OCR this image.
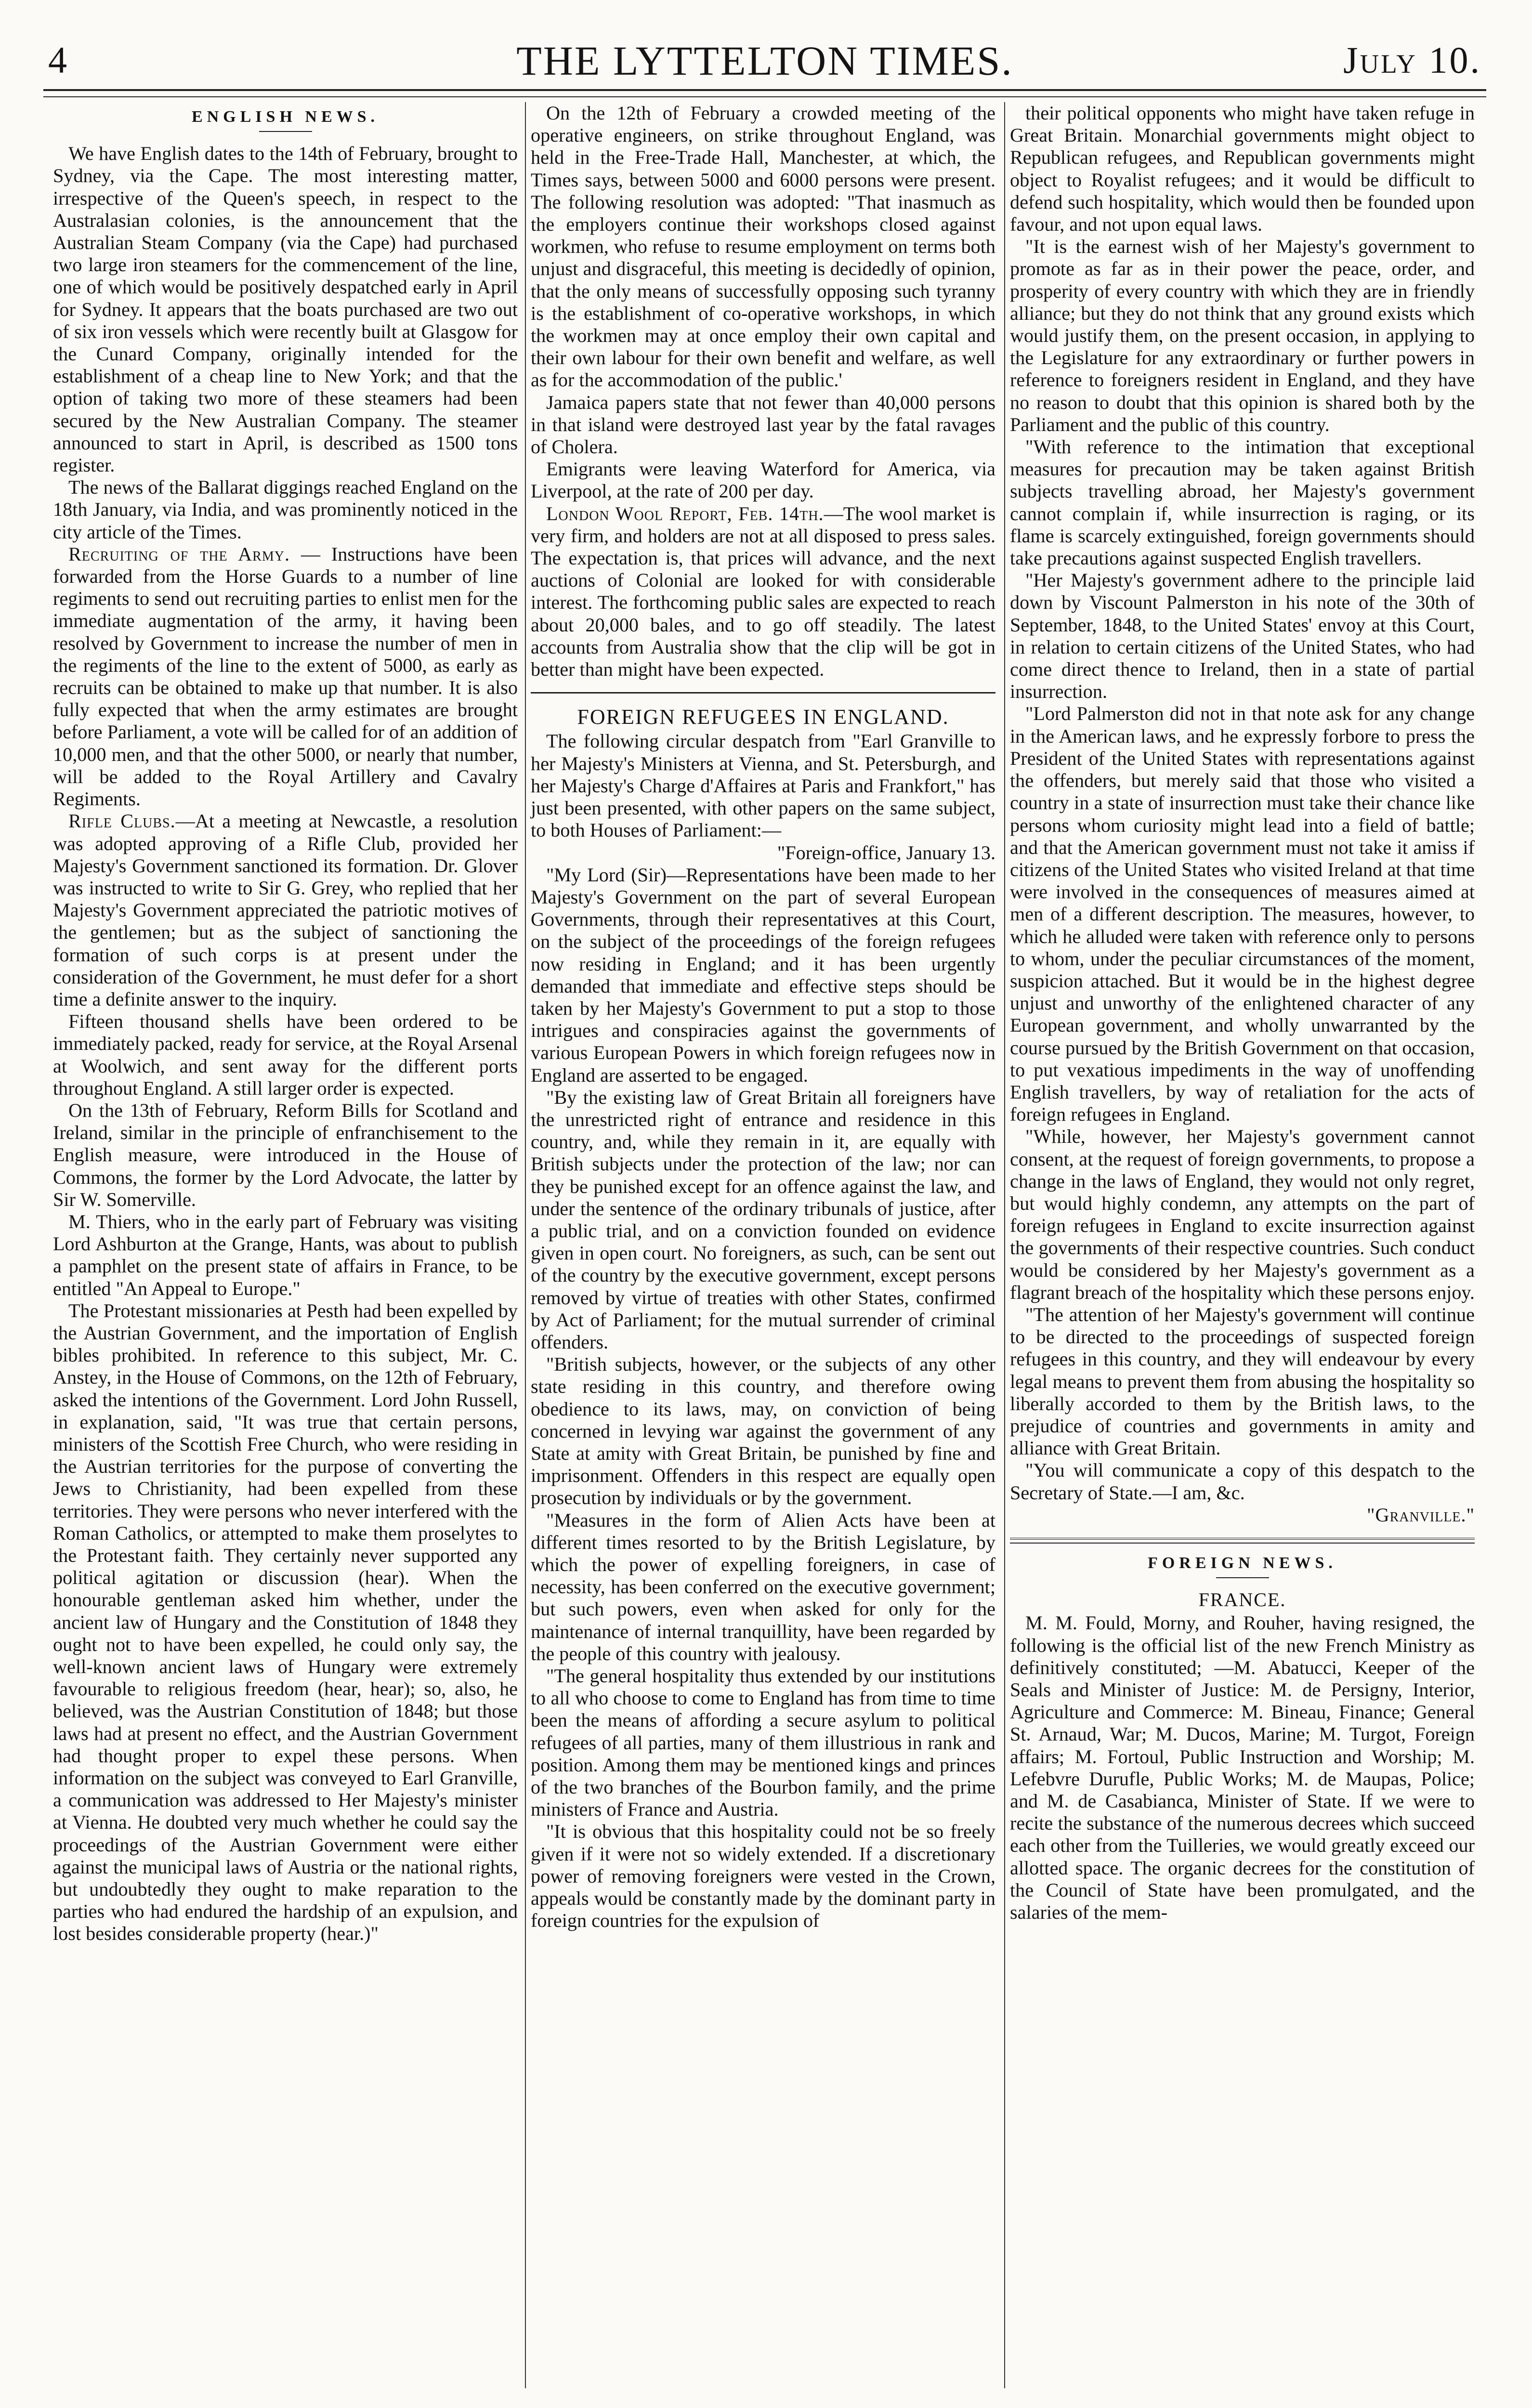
4	THE LYTTELTON TIMES.	July 10.
ENGLISH NEWS.

We have English dates to the 14th of February, brought to Sydney, via the Cape. The most interesting matter, irrespective of the Queen's speech, in respect to the Australasian colonies, is the announcement that the Australian Steam Company (via the Cape) had purchased two large iron steamers for the commencement of the line, one of which would be positively despatched early in April for Sydney. It appears that the boats purchased are two out of six iron vessels which were recently built at Glasgow for the Cunard Company, originally intended for the establishment of a cheap line to New York; and that the option of taking two more of these steamers had been secured by the New Australian Company. The steamer announced to start in April, is described as 1500 tons register.

The news of the Ballarat diggings reached England on the 18th January, via India, and was prominently noticed in the city article of the Times.

Recruiting of the Army. — Instructions have been forwarded from the Horse Guards to a number of line regiments to send out recruiting parties to enlist men for the immediate augmentation of the army, it having been resolved by Government to increase the number of men in the regiments of the line to the extent of 5000, as early as recruits can be obtained to make up that number. It is also fully expected that when the army estimates are brought before Parliament, a vote will be called for of an addition of 10,000 men, and that the other 5000, or nearly that number, will be added to the Royal Artillery and Cavalry Regiments.

Rifle Clubs.—At a meeting at Newcastle, a resolution was adopted approving of a Rifle Club, provided her Majesty's Government sanctioned its formation. Dr. Glover was instructed to write to Sir G. Grey, who replied that her Majesty's Government appreciated the patriotic motives of the gentlemen; but as the subject of sanctioning the formation of such corps is at present under the consideration of the Government, he must defer for a short time a definite answer to the inquiry.

Fifteen thousand shells have been ordered to be immediately packed, ready for service, at the Royal Arsenal at Woolwich, and sent away for the different ports throughout England. A still larger order is expected.

On the 13th of February, Reform Bills for Scotland and Ireland, similar in the principle of enfranchisement to the English measure, were introduced in the House of Commons, the former by the Lord Advocate, the latter by Sir W. Somerville.

M. Thiers, who in the early part of February was visiting Lord Ashburton at the Grange, Hants, was about to publish a pamphlet on the present state of affairs in France, to be entitled "An Appeal to Europe."

The Protestant missionaries at Pesth had been expelled by the Austrian Government, and the importation of English bibles prohibited. In reference to this subject, Mr. C. Anstey, in the House of Commons, on the 12th of February, asked the intentions of the Government. Lord John Russell, in explanation, said, "It was true that certain persons, ministers of the Scottish Free Church, who were residing in the Austrian territories for the purpose of converting the Jews to Christianity, had been expelled from these territories. They were persons who never interfered with the Roman Catholics, or attempted to make them proselytes to the Protestant faith. They certainly never supported any political agitation or discussion (hear). When the honourable gentleman asked him whether, under the ancient law of Hungary and the Constitution of 1848 they ought not to have been expelled, he could only say, the well-known ancient laws of Hungary were extremely favourable to religious freedom (hear, hear); so, also, he believed, was the Austrian Constitution of 1848; but those laws had at present no effect, and the Austrian Government had thought proper to expel these persons. When information on the subject was conveyed to Earl Granville, a communication was addressed to Her Majesty's minister at Vienna. He doubted very much whether he could say the proceedings of the Austrian Government were either against the municipal laws of Austria or the national rights, but undoubtedly they ought to make reparation to the parties who had endured the hardship of an expulsion, and lost besides considerable property (hear.)"

On the 12th of February a crowded meeting of the operative engineers, on strike throughout England, was held in the Free-Trade Hall, Manchester, at which, the Times says, between 5000 and 6000 persons were present. The following resolution was adopted: "That inasmuch as the employers continue their workshops closed against workmen, who refuse to resume employment on terms both unjust and disgraceful, this meeting is decidedly of opinion, that the only means of successfully opposing such tyranny is the establishment of co-operative workshops, in which the workmen may at once employ their own capital and their own labour for their own benefit and welfare, as well as for the accommodation of the public.'

Jamaica papers state that not fewer than 40,000 persons in that island were destroyed last year by the fatal ravages of Cholera.

Emigrants were leaving Waterford for America, via Liverpool, at the rate of 200 per day.

London Wool Report, Feb. 14th.—The wool market is very firm, and holders are not at all disposed to press sales. The expectation is, that prices will advance, and the next auctions of Colonial are looked for with considerable interest. The forthcoming public sales are expected to reach about 20,000 bales, and to go off steadily. The latest accounts from Australia show that the clip will be got in better than might have been expected.

FOREIGN REFUGEES IN ENGLAND.

The following circular despatch from "Earl Granville to her Majesty's Ministers at Vienna, and St. Petersburgh, and her Majesty's Charge d'Affaires at Paris and Frankfort," has just been presented, with other papers on the same subject, to both Houses of Parliament:—

"Foreign-office, January 13.

"My Lord (Sir)—Representations have been made to her Majesty's Government on the part of several European Governments, through their representatives at this Court, on the subject of the proceedings of the foreign refugees now residing in England; and it has been urgently demanded that immediate and effective steps should be taken by her Majesty's Government to put a stop to those intrigues and conspiracies against the governments of various European Powers in which foreign refugees now in England are asserted to be engaged.

"By the existing law of Great Britain all foreigners have the unrestricted right of entrance and residence in this country, and, while they remain in it, are equally with British subjects under the protection of the law; nor can they be punished except for an offence against the law, and under the sentence of the ordinary tribunals of justice, after a public trial, and on a conviction founded on evidence given in open court. No foreigners, as such, can be sent out of the country by the executive government, except persons removed by virtue of treaties with other States, confirmed by Act of Parliament; for the mutual surrender of criminal offenders.

"British subjects, however, or the subjects of any other state residing in this country, and therefore owing obedience to its laws, may, on conviction of being concerned in levying war against the government of any State at amity with Great Britain, be punished by fine and imprisonment. Offenders in this respect are equally open prosecution by individuals or by the government.

"Measures in the form of Alien Acts have been at different times resorted to by the British Legislature, by which the power of expelling foreigners, in case of necessity, has been conferred on the executive government; but such powers, even when asked for only for the maintenance of internal tranquillity, have been regarded by the people of this country with jealousy.

"The general hospitality thus extended by our institutions to all who choose to come to England has from time to time been the means of affording a secure asylum to political refugees of all parties, many of them illustrious in rank and position. Among them may be mentioned kings and princes of the two branches of the Bourbon family, and the prime ministers of France and Austria.

"It is obvious that this hospitality could not be so freely given if it were not so widely extended. If a discretionary power of removing foreigners were vested in the Crown, appeals would be constantly made by the dominant party in foreign countries for the expulsion of

their political opponents who might have taken refuge in Great Britain. Monarchial governments might object to Republican refugees, and Republican governments might object to Royalist refugees; and it would be difficult to defend such hospitality, which would then be founded upon favour, and not upon equal laws.

"It is the earnest wish of her Majesty's government to promote as far as in their power the peace, order, and prosperity of every country with which they are in friendly alliance; but they do not think that any ground exists which would justify them, on the present occasion, in applying to the Legislature for any extraordinary or further powers in reference to foreigners resident in England, and they have no reason to doubt that this opinion is shared both by the Parliament and the public of this country.

"With reference to the intimation that exceptional measures for precaution may be taken against British subjects travelling abroad, her Majesty's government cannot complain if, while insurrection is raging, or its flame is scarcely extinguished, foreign governments should take precautions against suspected English travellers.

"Her Majesty's government adhere to the principle laid down by Viscount Palmerston in his note of the 30th of September, 1848, to the United States' envoy at this Court, in relation to certain citizens of the United States, who had come direct thence to Ireland, then in a state of partial insurrection.

"Lord Palmerston did not in that note ask for any change in the American laws, and he expressly forbore to press the President of the United States with representations against the offenders, but merely said that those who visited a country in a state of insurrection must take their chance like persons whom curiosity might lead into a field of battle; and that the American government must not take it amiss if citizens of the United States who visited Ireland at that time were involved in the consequences of measures aimed at men of a different description. The measures, however, to which he alluded were taken with reference only to persons to whom, under the peculiar circumstances of the moment, suspicion attached. But it would be in the highest degree unjust and unworthy of the enlightened character of any European government, and wholly unwarranted by the course pursued by the British Government on that occasion, to put vexatious impediments in the way of unoffending English travellers, by way of retaliation for the acts of foreign refugees in England.

"While, however, her Majesty's government cannot consent, at the request of foreign governments, to propose a change in the laws of England, they would not only regret, but would highly condemn, any attempts on the part of foreign refugees in England to excite insurrection against the governments of their respective countries. Such conduct would be considered by her Majesty's government as a flagrant breach of the hospitality which these persons enjoy.

"The attention of her Majesty's government will continue to be directed to the proceedings of suspected foreign refugees in this country, and they will endeavour by every legal means to prevent them from abusing the hospitality so liberally accorded to them by the British laws, to the prejudice of countries and governments in amity and alliance with Great Britain.

"You will communicate a copy of this despatch to the Secretary of State.—I am, &c.

"Granville."

FOREIGN NEWS.
FRANCE.

M. M. Fould, Morny, and Rouher, having resigned, the following is the official list of the new French Ministry as definitively constituted; —M. Abatucci, Keeper of the Seals and Minister of Justice: M. de Persigny, Interior, Agriculture and Commerce: M. Bineau, Finance; General St. Arnaud, War; M. Ducos, Marine; M. Turgot, Foreign affairs; M. Fortoul, Public Instruction and Worship; M. Lefebvre Durufle, Public Works; M. de Maupas, Police; and M. de Casabianca, Minister of State. If we were to recite the substance of the numerous decrees which succeed each other from the Tuilleries, we would greatly exceed our allotted space. The organic decrees for the constitution of the Council of State have been promulgated, and the salaries of the mem-
